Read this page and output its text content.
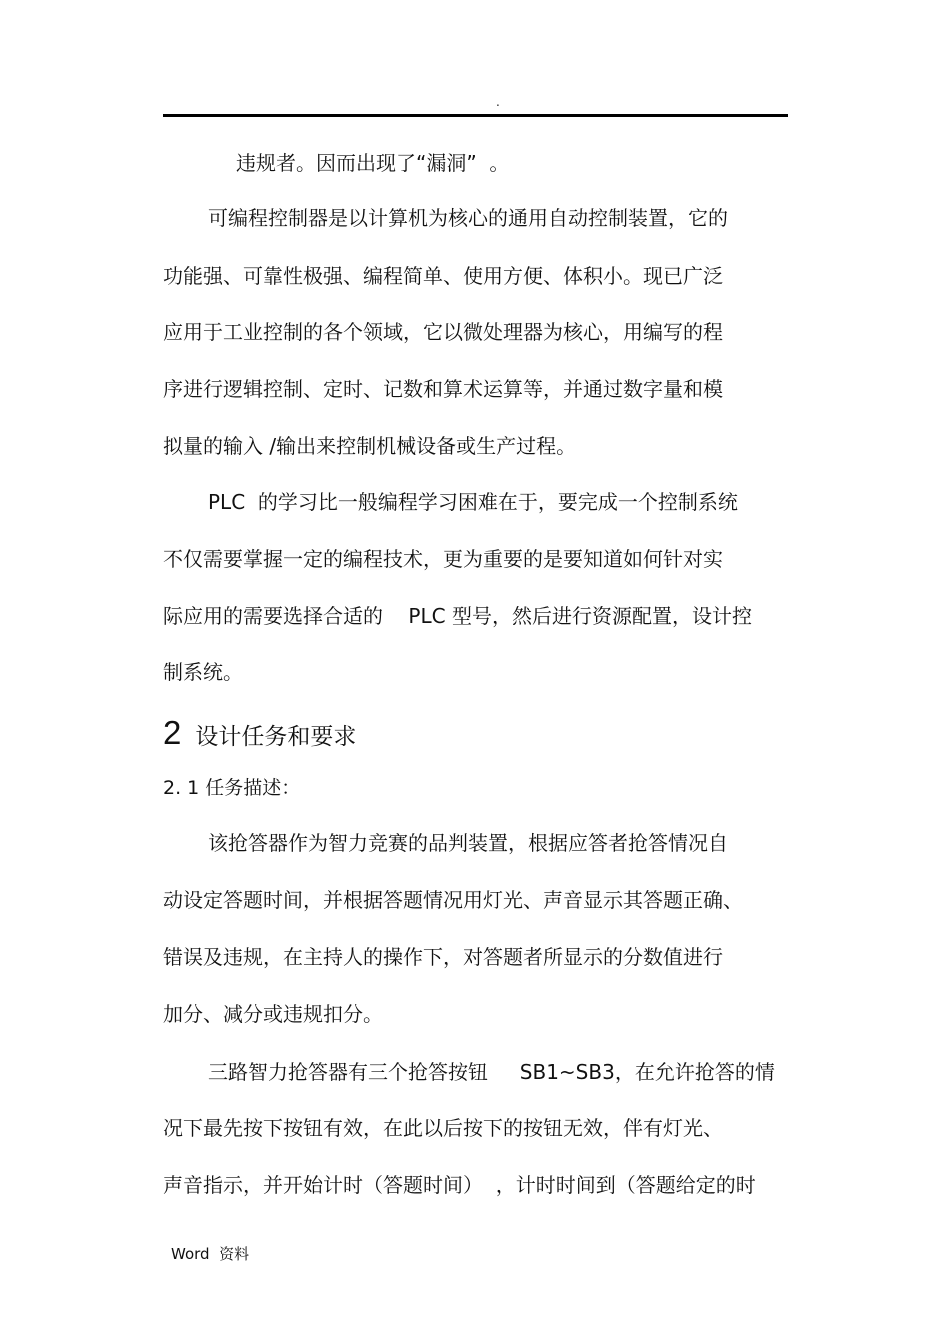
.
违规者。因而出现了“漏洞”  。
可编程控制器是以计算机为核心的通用自动控制装置，它的
功能强、可靠性极强、编程简单、使用方便、体积小。现已广泛
应用于工业控制的各个领域，它以微处理器为核心，用编写的程
序进行逻辑控制、定时、记数和算术运算等，并通过数字量和模
拟量的输入 /输出来控制机械设备或生产过程。
PLC  的学习比一般编程学习困难在于，要完成一个控制系统
不仅需要掌握一定的编程技术，更为重要的是要知道如何针对实
际应用的需要选择合适的    PLC 型号，然后进行资源配置，设计控
制系统。
2 设计任务和要求
2. 1 任务描述：
该抢答器作为智力竞赛的品判装置，根据应答者抢答情况自
动设定答题时间，并根据答题情况用灯光、声音显示其答题正确、
错误及违规，在主持人的操作下，对答题者所显示的分数值进行
加分、减分或违规扣分。
三路智力抢答器有三个抢答按钮     SB1~SB3，在允许抢答的情
况下最先按下按钮有效，在此以后按下的按钮无效，伴有灯光、
声音指示，并开始计时（答题时间）  ，计时时间到（答题给定的时
Word  资料
